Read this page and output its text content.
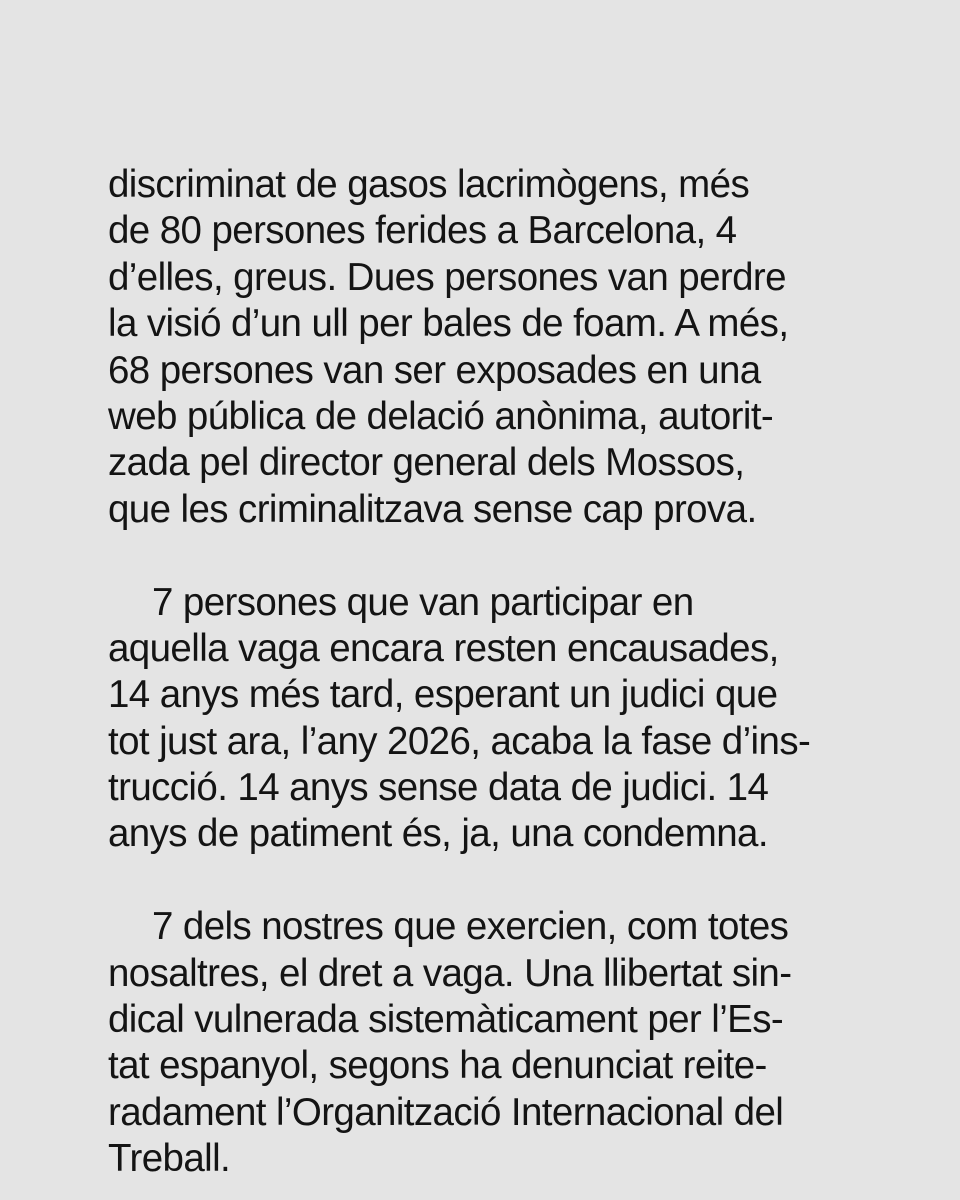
discriminat de gasos lacrimògens, més
de 80 persones ferides a Barcelona, 4
d’elles, greus. Dues persones van perdre
la visió d’un ull per bales de foam. A més,
68 persones van ser exposades en una
web pública de delació anònima, autorit-
zada pel director general dels Mossos,
que les criminalitzava sense cap prova.

7 persones que van participar en
aquella vaga encara resten encausades,
14 anys més tard, esperant un judici que
tot just ara, l’any 2026, acaba la fase d’ins-
trucció. 14 anys sense data de judici. 14
anys de patiment és, ja, una condemna.

7 dels nostres que exercien, com totes
nosaltres, el dret a vaga. Una llibertat sin-
dical vulnerada sistemàticament per l’Es-
tat espanyol, segons ha denunciat reite-
radament l’Organització Internacional del
Treball.
